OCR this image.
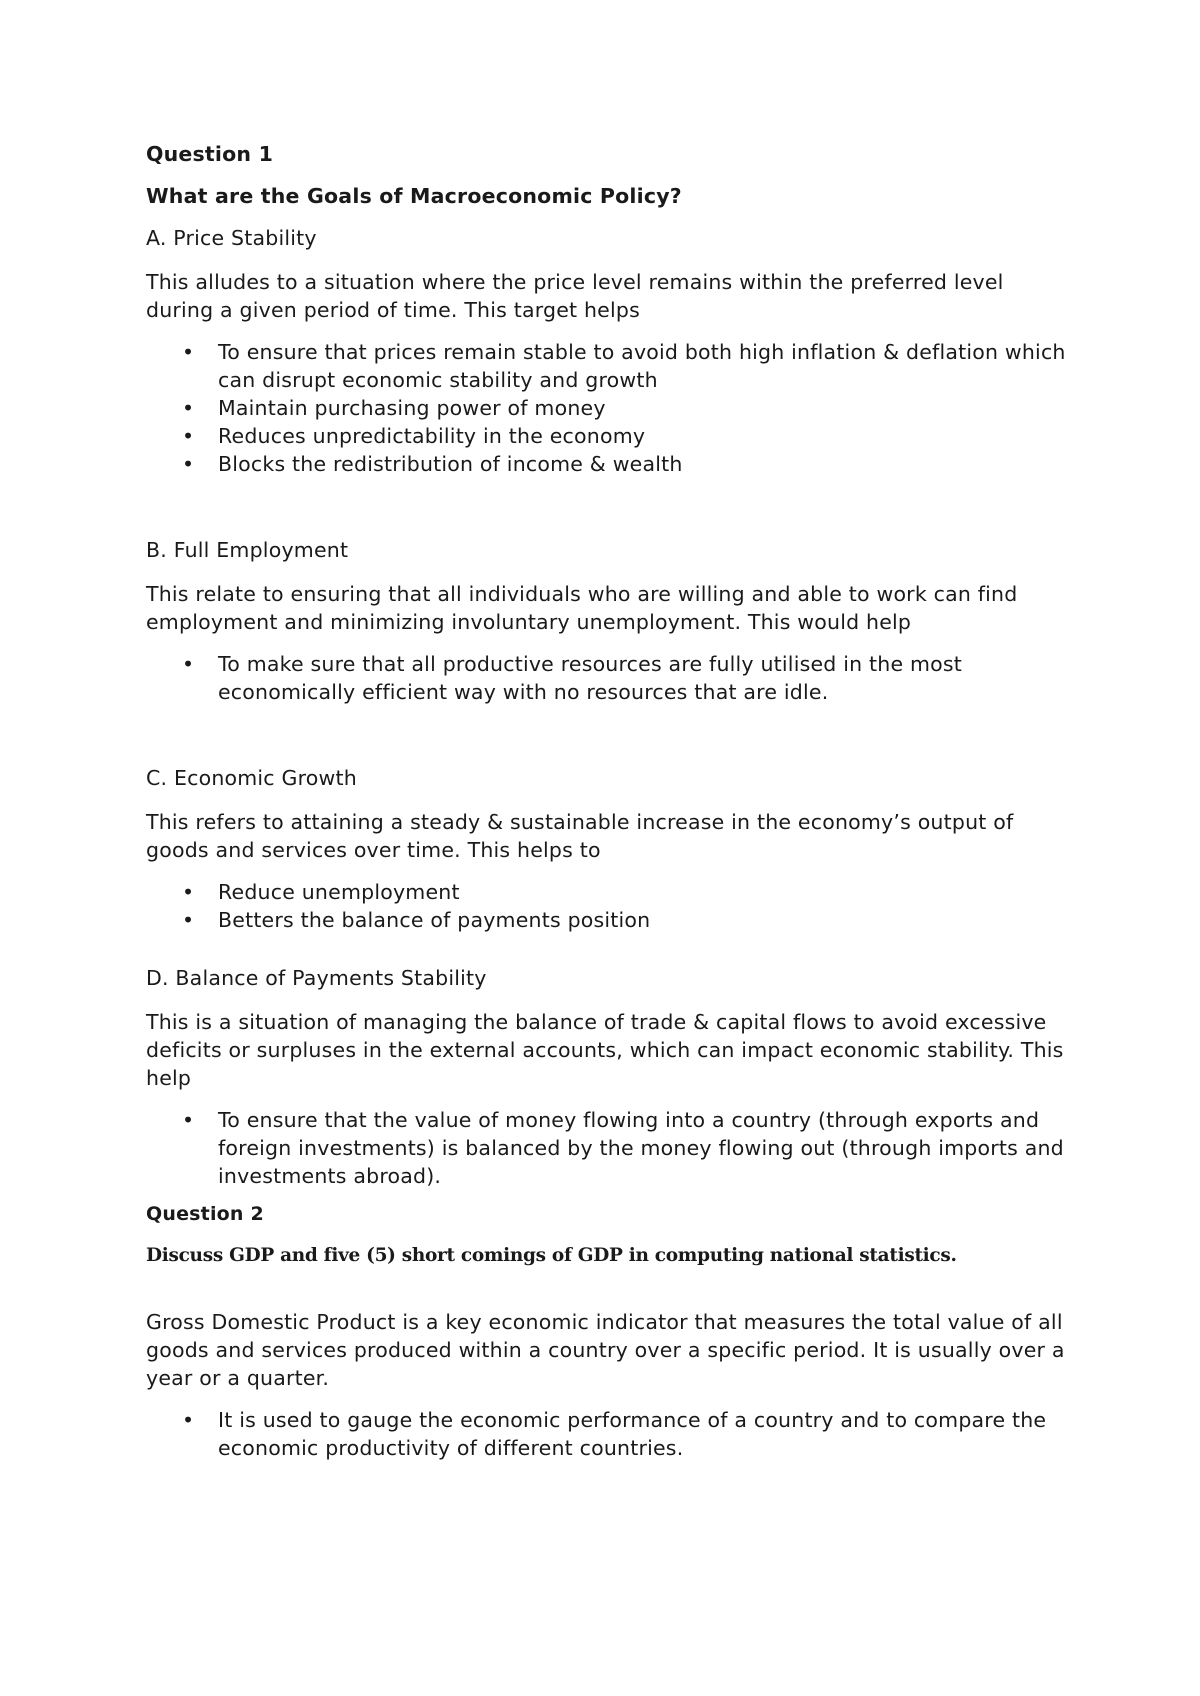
Question 1
What are the Goals of Macroeconomic Policy?
A. Price Stability
This alludes to a situation where the price level remains within the preferred level during a given period of time. This target helps
• To ensure that prices remain stable to avoid both high inflation & deflation which can disrupt economic stability and growth
• Maintain purchasing power of money
• Reduces unpredictability in the economy
• Blocks the redistribution of income & wealth
B. Full Employment
This relate to ensuring that all individuals who are willing and able to work can find employment and minimizing involuntary unemployment. This would help
• To make sure that all productive resources are fully utilised in the most economically efficient way with no resources that are idle.
C. Economic Growth
This refers to attaining a steady & sustainable increase in the economy’s output of goods and services over time. This helps to
• Reduce unemployment
• Betters the balance of payments position
D. Balance of Payments Stability
This is a situation of managing the balance of trade & capital flows to avoid excessive deficits or surpluses in the external accounts, which can impact economic stability. This help
• To ensure that the value of money flowing into a country (through exports and foreign investments) is balanced by the money flowing out (through imports and investments abroad).
Question 2
Discuss GDP and five (5) short comings of GDP in computing national statistics.
Gross Domestic Product is a key economic indicator that measures the total value of all goods and services produced within a country over a specific period. It is usually over a year or a quarter.
• It is used to gauge the economic performance of a country and to compare the economic productivity of different countries.
